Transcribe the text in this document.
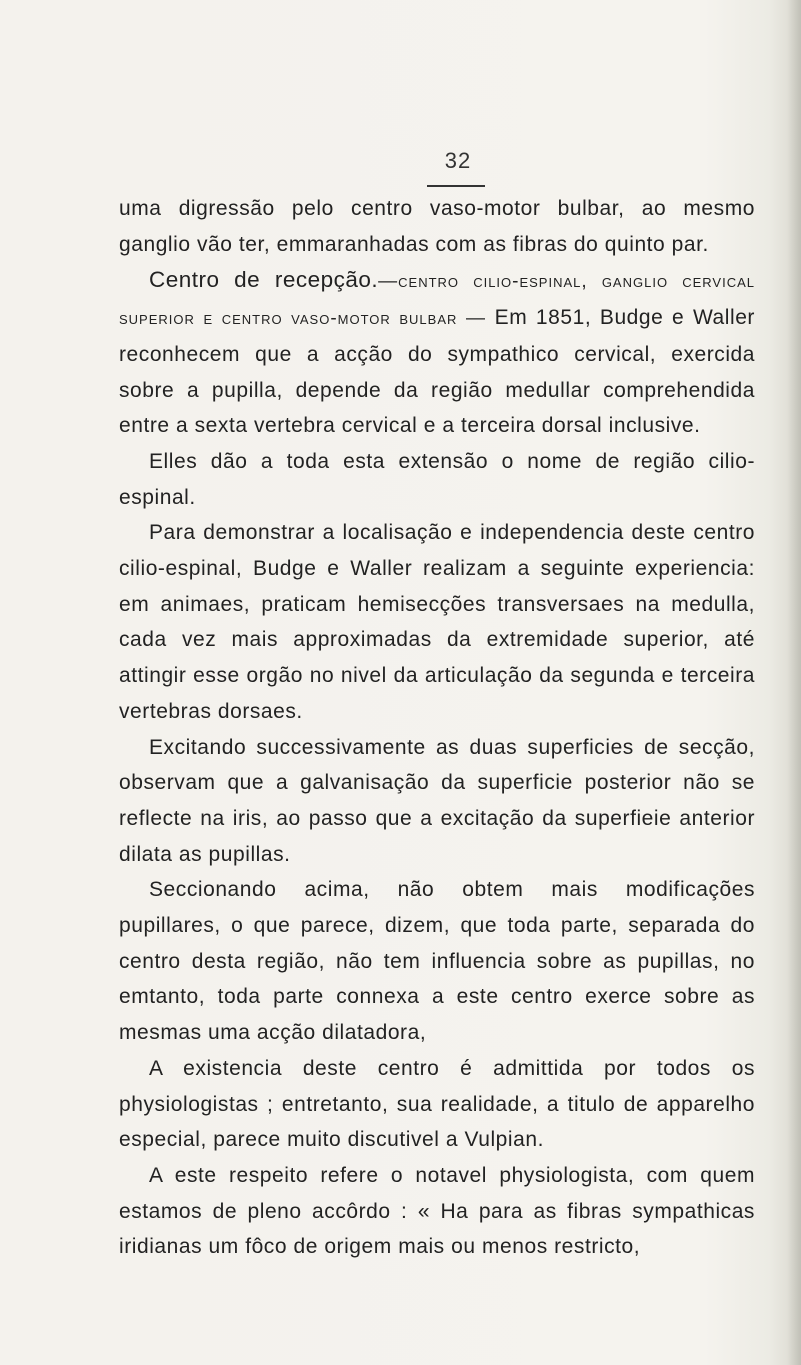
32

uma digressão pelo centro vaso-motor bulbar, ao mesmo ganglio vão ter, emmaranhadas com as fibras do quinto par.

Centro de recepção.—centro cilio-espinal, ganglio cervical superior e centro vaso-motor bulbar — Em 1851, Budge e Waller reconhecem que a acção do sympathico cervical, exercida sobre a pupilla, depende da região medullar comprehendida entre a sexta vertebra cervical e a terceira dorsal inclusive.

Elles dão a toda esta extensão o nome de região cilio-espinal.

Para demonstrar a localisação e independencia deste centro cilio-espinal, Budge e Waller realizam a seguinte experiencia: em animaes, praticam hemisecções transversaes na medulla, cada vez mais approximadas da extremidade superior, até attingir esse orgão no nivel da articulação da segunda e terceira vertebras dorsaes.

Excitando successivamente as duas superficies de secção, observam que a galvanisação da superficie posterior não se reflecte na iris, ao passo que a excitação da superfieie anterior dilata as pupillas.

Seccionando acima, não obtem mais modificações pupillares, o que parece, dizem, que toda parte, separada do centro desta região, não tem influencia sobre as pupillas, no emtanto, toda parte connexa a este centro exerce sobre as mesmas uma acção dilatadora,

A existencia deste centro é admittida por todos os physiologistas ; entretanto, sua realidade, a titulo de apparelho especial, parece muito discutivel a Vulpian.

A este respeito refere o notavel physiologista, com quem estamos de pleno accôrdo : « Ha para as fibras sympathicas iridianas um fôco de origem mais ou menos restricto,
